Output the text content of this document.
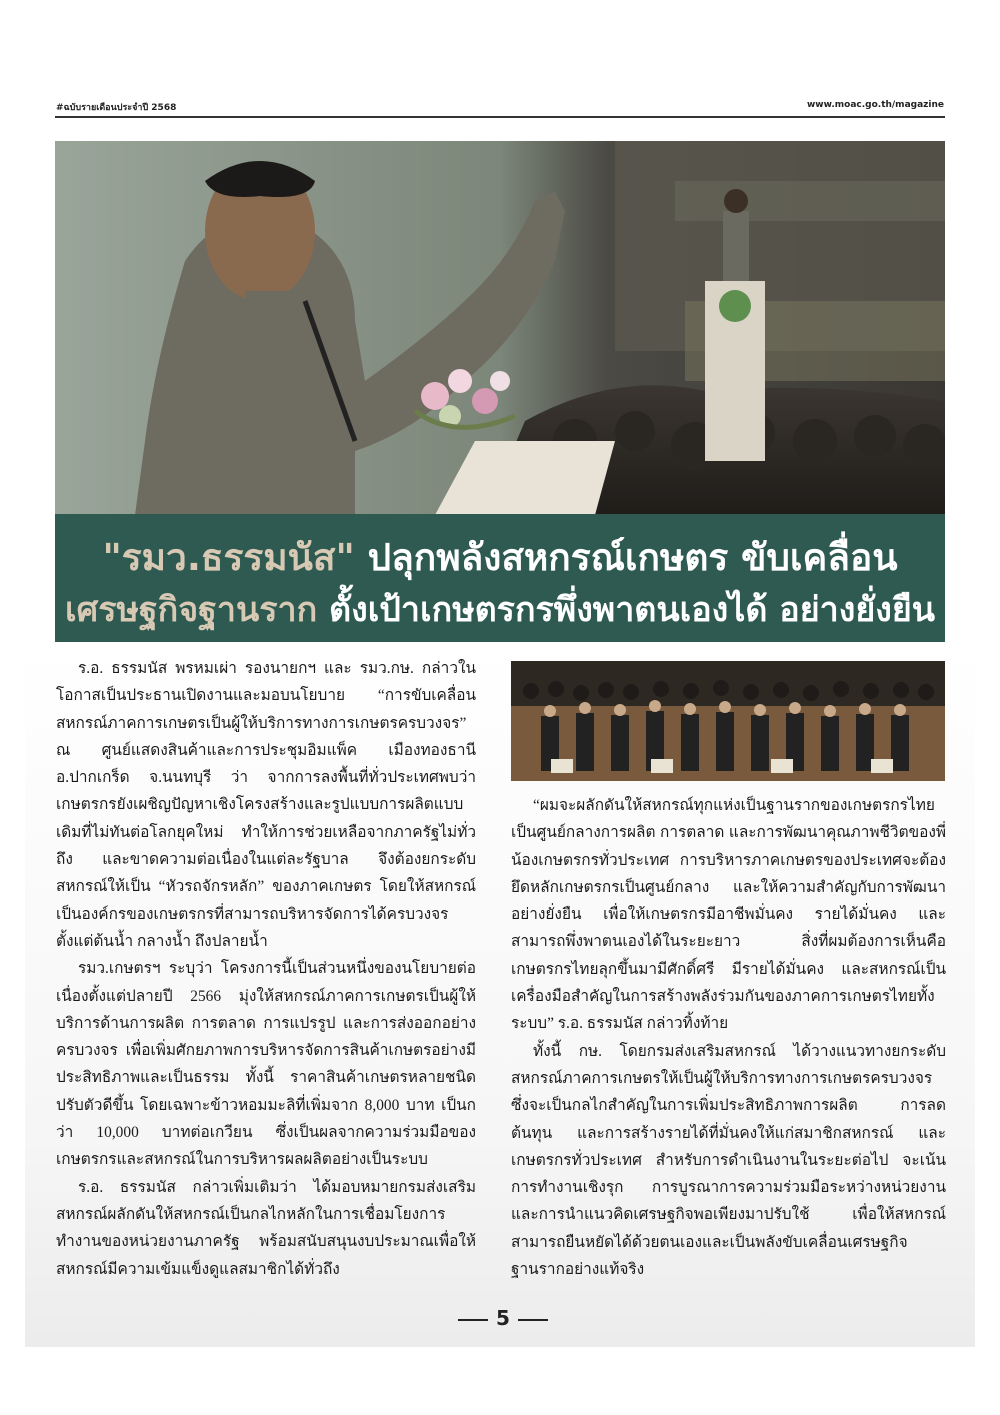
#ฉบับรายเดือนประจำปี 2568	www.moac.go.th/magazine
"รมว.ธรรมนัส" ปลุกพลังสหกรณ์เกษตร ขับเคลื่อน
เศรษฐกิจฐานราก ตั้งเป้าเกษตรกรพึ่งพาตนเองได้ อย่างยั่งยืน

ร.อ. ธรรมนัส พรหมเผ่า รองนายกฯ และ รมว.กษ. กล่าวในโอกาสเป็นประธานเปิดงานและมอบนโยบาย “การขับเคลื่อนสหกรณ์ภาคการเกษตรเป็นผู้ให้บริการทางการเกษตรครบวงจร” ณ ศูนย์แสดงสินค้าและการประชุมอิมแพ็ค เมืองทองธานี อ.ปากเกร็ด จ.นนทบุรี ว่า จากการลงพื้นที่ทั่วประเทศพบว่าเกษตรกรยังเผชิญปัญหาเชิงโครงสร้างและรูปแบบการผลิตแบบเดิมที่ไม่ทันต่อโลกยุคใหม่ ทำให้การช่วยเหลือจากภาครัฐไม่ทั่วถึง และขาดความต่อเนื่องในแต่ละรัฐบาล จึงต้องยกระดับสหกรณ์ให้เป็น “หัวรถจักรหลัก” ของภาคเกษตร โดยให้สหกรณ์เป็นองค์กรของเกษตรกรที่สามารถบริหารจัดการได้ครบวงจรตั้งแต่ต้นน้ำ กลางน้ำ ถึงปลายน้ำ

รมว.เกษตรฯ ระบุว่า โครงการนี้เป็นส่วนหนึ่งของนโยบายต่อเนื่องตั้งแต่ปลายปี 2566 มุ่งให้สหกรณ์ภาคการเกษตรเป็นผู้ให้บริการด้านการผลิต การตลาด การแปรรูป และการส่งออกอย่างครบวงจร เพื่อเพิ่มศักยภาพการบริหารจัดการสินค้าเกษตรอย่างมีประสิทธิภาพและเป็นธรรม ทั้งนี้ ราคาสินค้าเกษตรหลายชนิดปรับตัวดีขึ้น โดยเฉพาะข้าวหอมมะลิที่เพิ่มจาก 8,000 บาท เป็นกว่า 10,000 บาทต่อเกวียน ซึ่งเป็นผลจากความร่วมมือของเกษตรกรและสหกรณ์ในการบริหารผลผลิตอย่างเป็นระบบ

ร.อ. ธรรมนัส กล่าวเพิ่มเติมว่า ได้มอบหมายกรมส่งเสริมสหกรณ์ผลักดันให้สหกรณ์เป็นกลไกหลักในการเชื่อมโยงการทำงานของหน่วยงานภาครัฐ พร้อมสนับสนุนงบประมาณเพื่อให้สหกรณ์มีความเข้มแข็งดูแลสมาชิกได้ทั่วถึง

“ผมจะผลักดันให้สหกรณ์ทุกแห่งเป็นฐานรากของเกษตรกรไทย เป็นศูนย์กลางการผลิต การตลาด และการพัฒนาคุณภาพชีวิตของพี่น้องเกษตรกรทั่วประเทศ การบริหารภาคเกษตรของประเทศจะต้องยึดหลักเกษตรกรเป็นศูนย์กลาง และให้ความสำคัญกับการพัฒนาอย่างยั่งยืน เพื่อให้เกษตรกรมีอาชีพมั่นคง รายได้มั่นคง และสามารถพึ่งพาตนเองได้ในระยะยาว สิ่งที่ผมต้องการเห็นคือเกษตรกรไทยลุกขึ้นมามีศักดิ์ศรี มีรายได้มั่นคง และสหกรณ์เป็นเครื่องมือสำคัญในการสร้างพลังร่วมกันของภาคการเกษตรไทยทั้งระบบ” ร.อ. ธรรมนัส กล่าวทิ้งท้าย

ทั้งนี้ กษ. โดยกรมส่งเสริมสหกรณ์ ได้วางแนวทางยกระดับสหกรณ์ภาคการเกษตรให้เป็นผู้ให้บริการทางการเกษตรครบวงจร ซึ่งจะเป็นกลไกสำคัญในการเพิ่มประสิทธิภาพการผลิต การลดต้นทุน และการสร้างรายได้ที่มั่นคงให้แก่สมาชิกสหกรณ์ และเกษตรกรทั่วประเทศ สำหรับการดำเนินงานในระยะต่อไป จะเน้นการทำงานเชิงรุก การบูรณาการความร่วมมือระหว่างหน่วยงาน และการนำแนวคิดเศรษฐกิจพอเพียงมาปรับใช้ เพื่อให้สหกรณ์สามารถยืนหยัดได้ด้วยตนเองและเป็นพลังขับเคลื่อนเศรษฐกิจฐานรากอย่างแท้จริง

5
